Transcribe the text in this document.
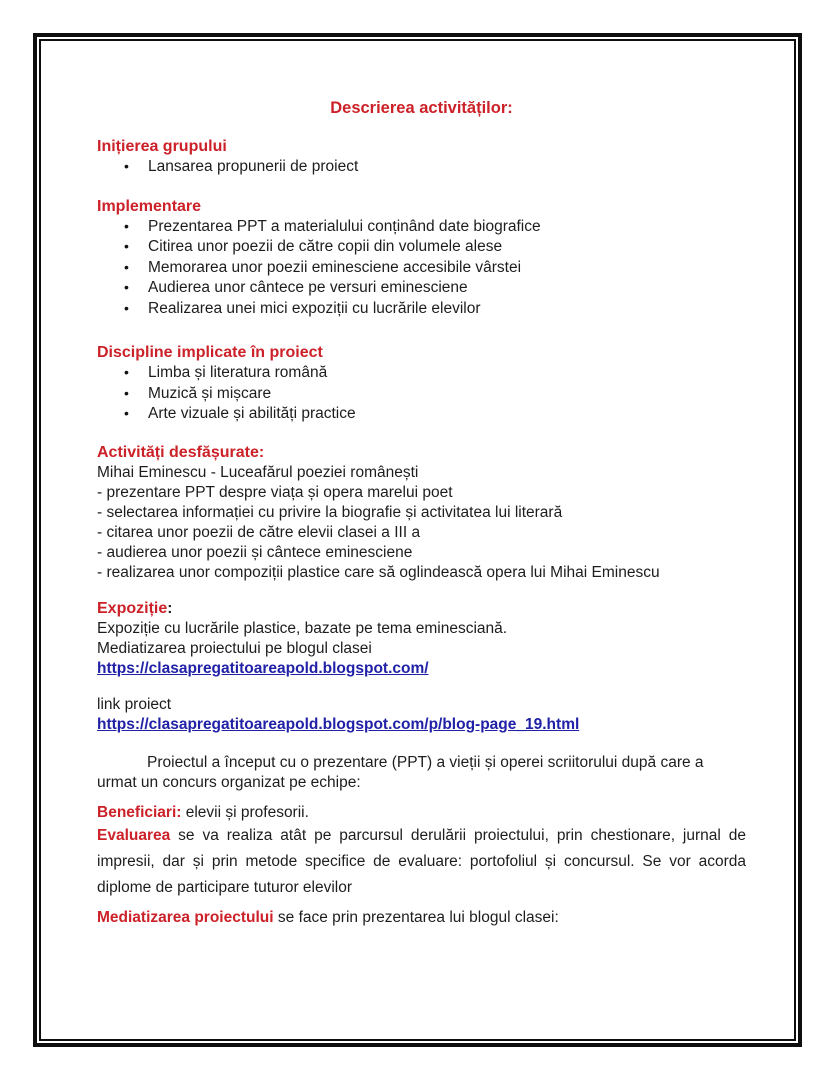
Descrierea activităților:
Inițierea grupului
• Lansarea propunerii de proiect
Implementare
• Prezentarea PPT a materialului conținând date biografice
• Citirea unor poezii de către copii din volumele alese
• Memorarea unor poezii eminesciene accesibile vârstei
• Audierea unor cântece pe versuri eminesciene
• Realizarea unei mici expoziții cu lucrările elevilor
Discipline implicate în proiect
• Limba și literatura română
• Muzică și mișcare
• Arte vizuale și abilități practice
Activități desfășurate:
Mihai Eminescu - Luceafărul poeziei românești
- prezentare PPT despre viața și opera marelui poet
- selectarea informației cu privire la biografie și activitatea lui literară
- citarea unor poezii de către elevii clasei a III a
- audierea unor poezii și cântece eminesciene
- realizarea unor compoziții plastice care să oglindească opera lui Mihai Eminescu
Expoziție:
Expoziție cu lucrările plastice, bazate pe tema eminesciană.
Mediatizarea proiectului pe blogul clasei
https://clasapregatitoareapold.blogspot.com/
link proiect
https://clasapregatitoareapold.blogspot.com/p/blog-page_19.html
Proiectul a început cu o prezentare (PPT) a vieții și operei scriitorului după care a urmat un concurs organizat pe echipe:
Beneficiari: elevii și profesorii.
Evaluarea se va realiza atât pe parcursul derulării proiectului, prin chestionare, jurnal de impresii, dar și prin metode specifice de evaluare: portofoliul și concursul. Se vor acorda diplome de participare tuturor elevilor
Mediatizarea proiectului se face prin prezentarea lui blogul clasei:
